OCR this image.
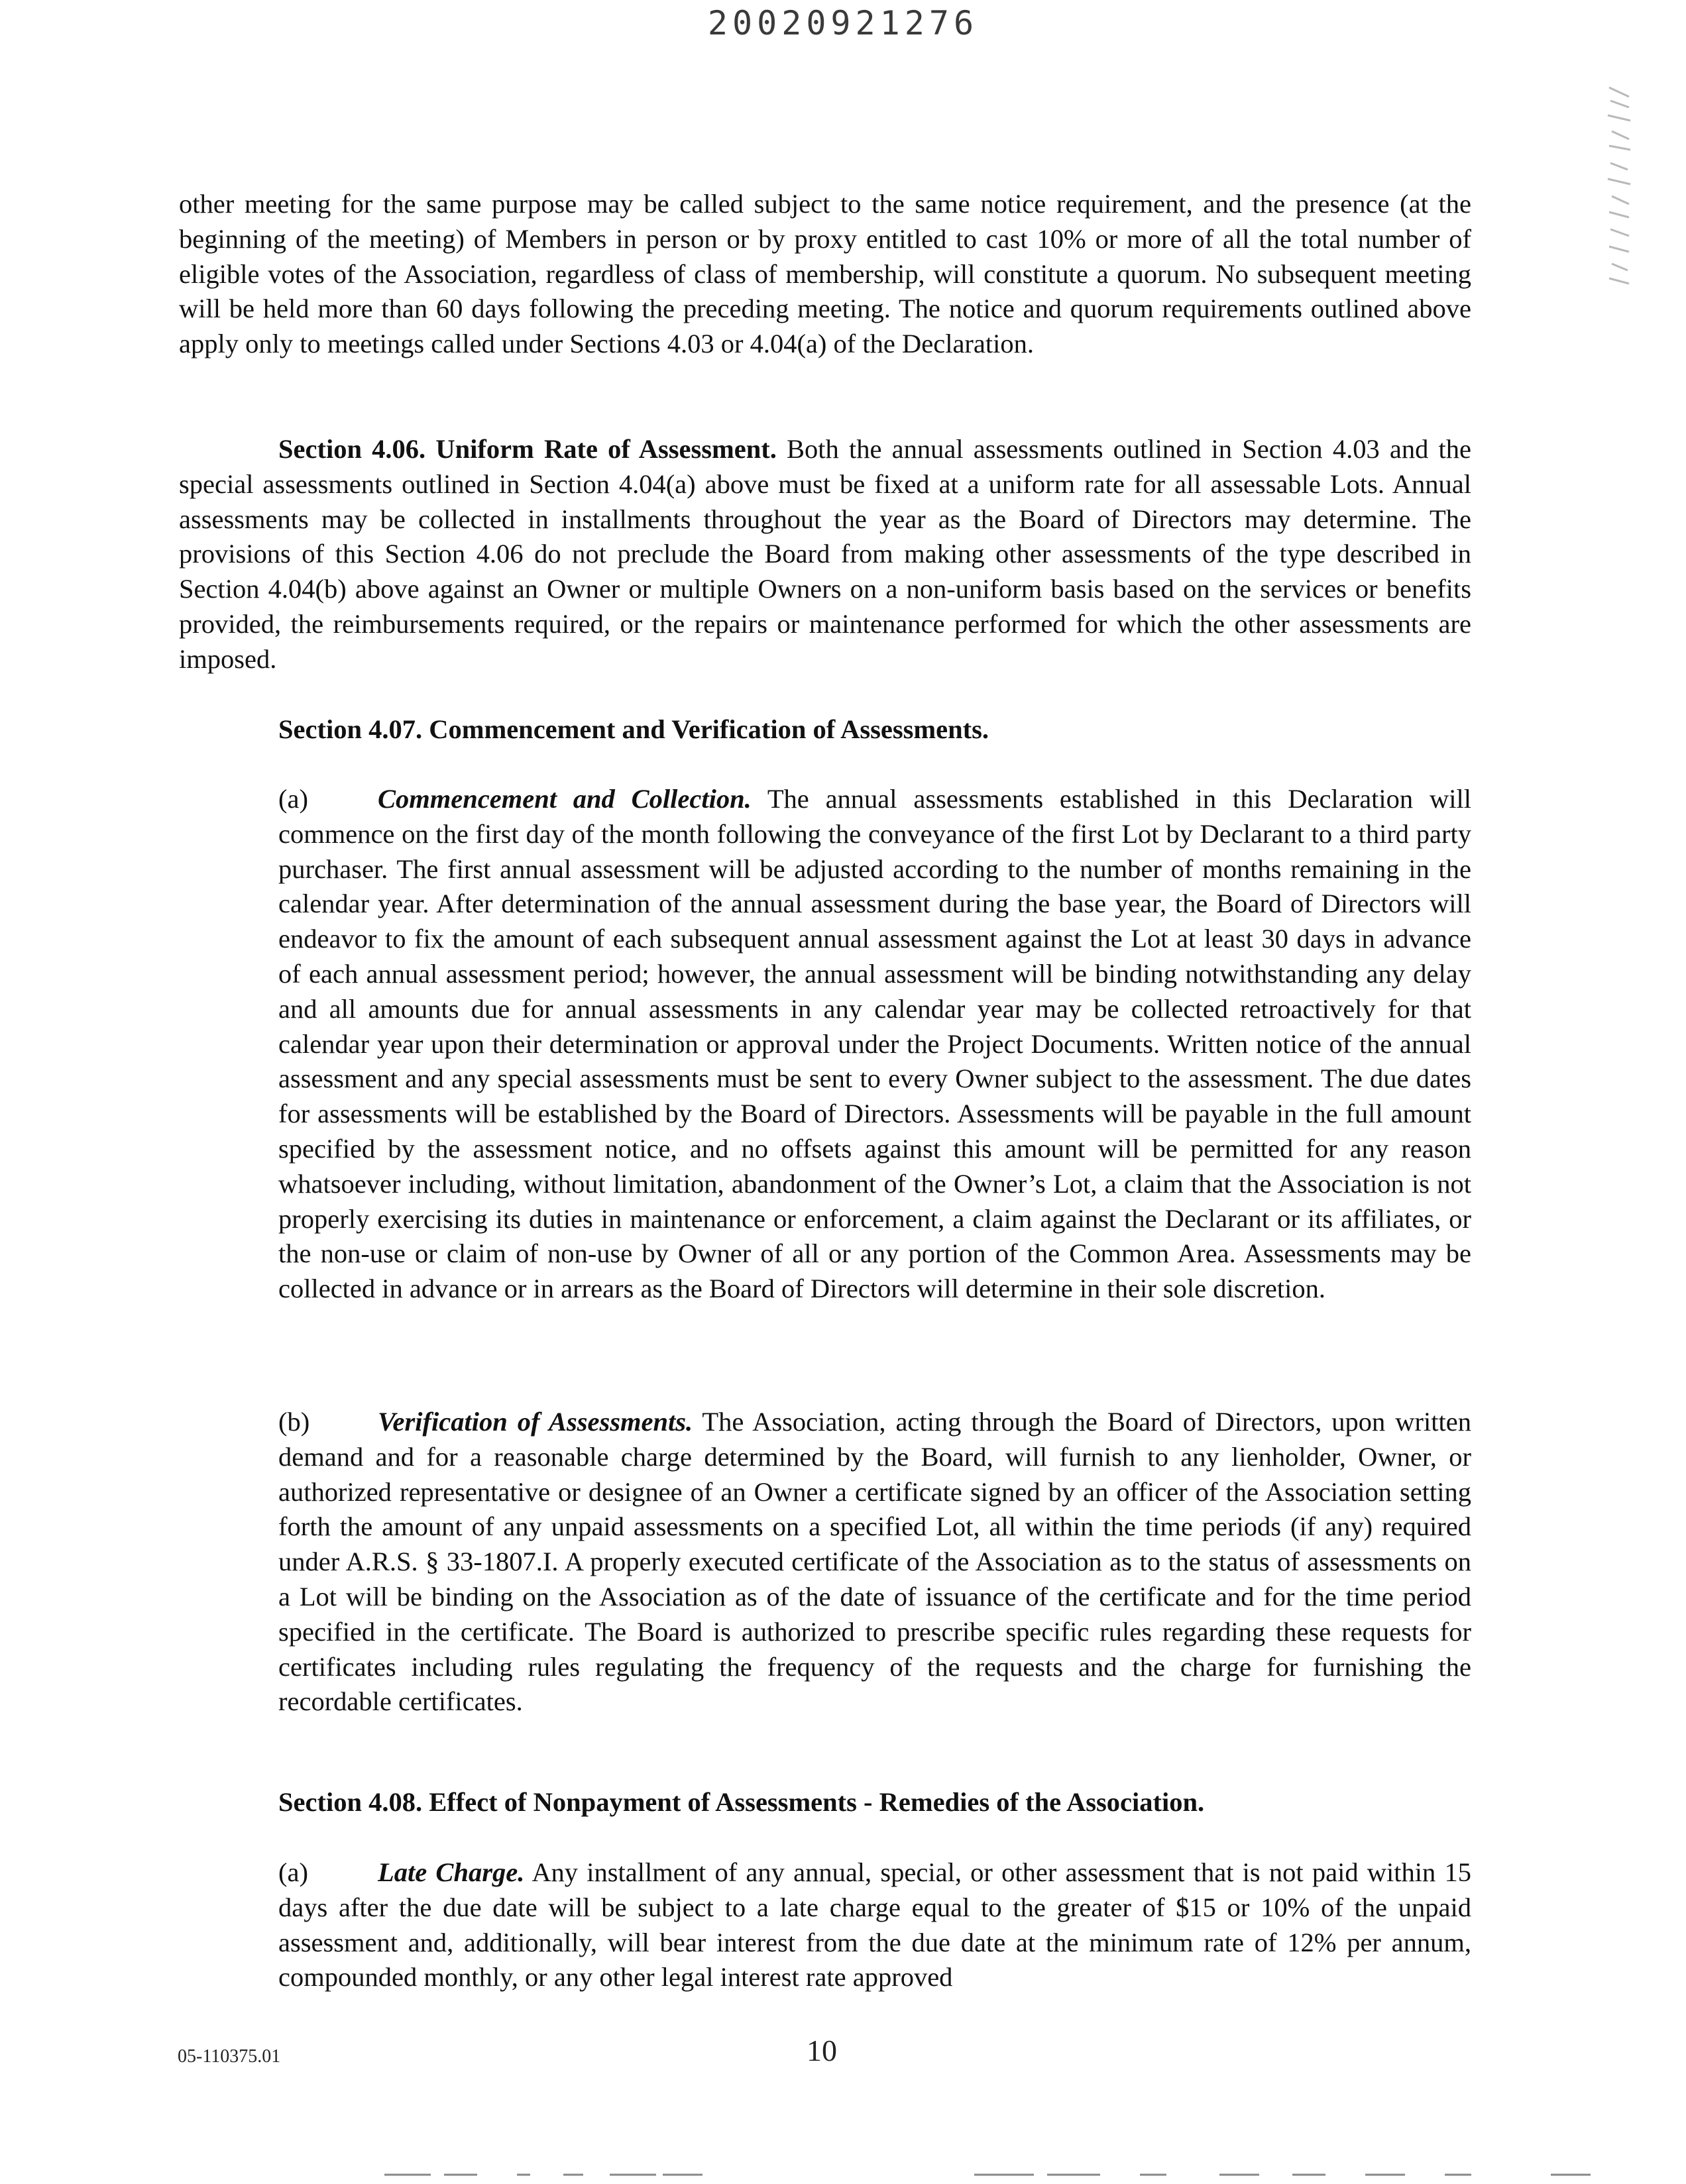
20020921276
other meeting for the same purpose may be called subject to the same notice requirement, and the presence (at the beginning of the meeting) of Members in person or by proxy entitled to cast 10% or more of all the total number of eligible votes of the Association, regardless of class of membership, will constitute a quorum. No subsequent meeting will be held more than 60 days following the preceding meeting. The notice and quorum requirements outlined above apply only to meetings called under Sections 4.03 or 4.04(a) of the Declaration.
Section 4.06. Uniform Rate of Assessment. Both the annual assessments outlined in Section 4.03 and the special assessments outlined in Section 4.04(a) above must be fixed at a uniform rate for all assessable Lots. Annual assessments may be collected in installments throughout the year as the Board of Directors may determine. The provisions of this Section 4.06 do not preclude the Board from making other assessments of the type described in Section 4.04(b) above against an Owner or multiple Owners on a non-uniform basis based on the services or benefits provided, the reimbursements required, or the repairs or maintenance performed for which the other assessments are imposed.
Section 4.07. Commencement and Verification of Assessments.
(a)	Commencement and Collection. The annual assessments established in this Declaration will commence on the first day of the month following the conveyance of the first Lot by Declarant to a third party purchaser. The first annual assessment will be adjusted according to the number of months remaining in the calendar year. After determination of the annual assessment during the base year, the Board of Directors will endeavor to fix the amount of each subsequent annual assessment against the Lot at least 30 days in advance of each annual assessment period; however, the annual assessment will be binding notwithstanding any delay and all amounts due for annual assessments in any calendar year may be collected retroactively for that calendar year upon their determination or approval under the Project Documents. Written notice of the annual assessment and any special assessments must be sent to every Owner subject to the assessment. The due dates for assessments will be established by the Board of Directors. Assessments will be payable in the full amount specified by the assessment notice, and no offsets against this amount will be permitted for any reason whatsoever including, without limitation, abandonment of the Owner’s Lot, a claim that the Association is not properly exercising its duties in maintenance or enforcement, a claim against the Declarant or its affiliates, or the non-use or claim of non-use by Owner of all or any portion of the Common Area. Assessments may be collected in advance or in arrears as the Board of Directors will determine in their sole discretion.
(b)	Verification of Assessments. The Association, acting through the Board of Directors, upon written demand and for a reasonable charge determined by the Board, will furnish to any lienholder, Owner, or authorized representative or designee of an Owner a certificate signed by an officer of the Association setting forth the amount of any unpaid assessments on a specified Lot, all within the time periods (if any) required under A.R.S. § 33-1807.I. A properly executed certificate of the Association as to the status of assessments on a Lot will be binding on the Association as of the date of issuance of the certificate and for the time period specified in the certificate. The Board is authorized to prescribe specific rules regarding these requests for certificates including rules regulating the frequency of the requests and the charge for furnishing the recordable certificates.
Section 4.08. Effect of Nonpayment of Assessments - Remedies of the Association.
(a)	Late Charge. Any installment of any annual, special, or other assessment that is not paid within 15 days after the due date will be subject to a late charge equal to the greater of $15 or 10% of the unpaid assessment and, additionally, will bear interest from the due date at the minimum rate of 12% per annum, compounded monthly, or any other legal interest rate approved
05-110375.01	10
